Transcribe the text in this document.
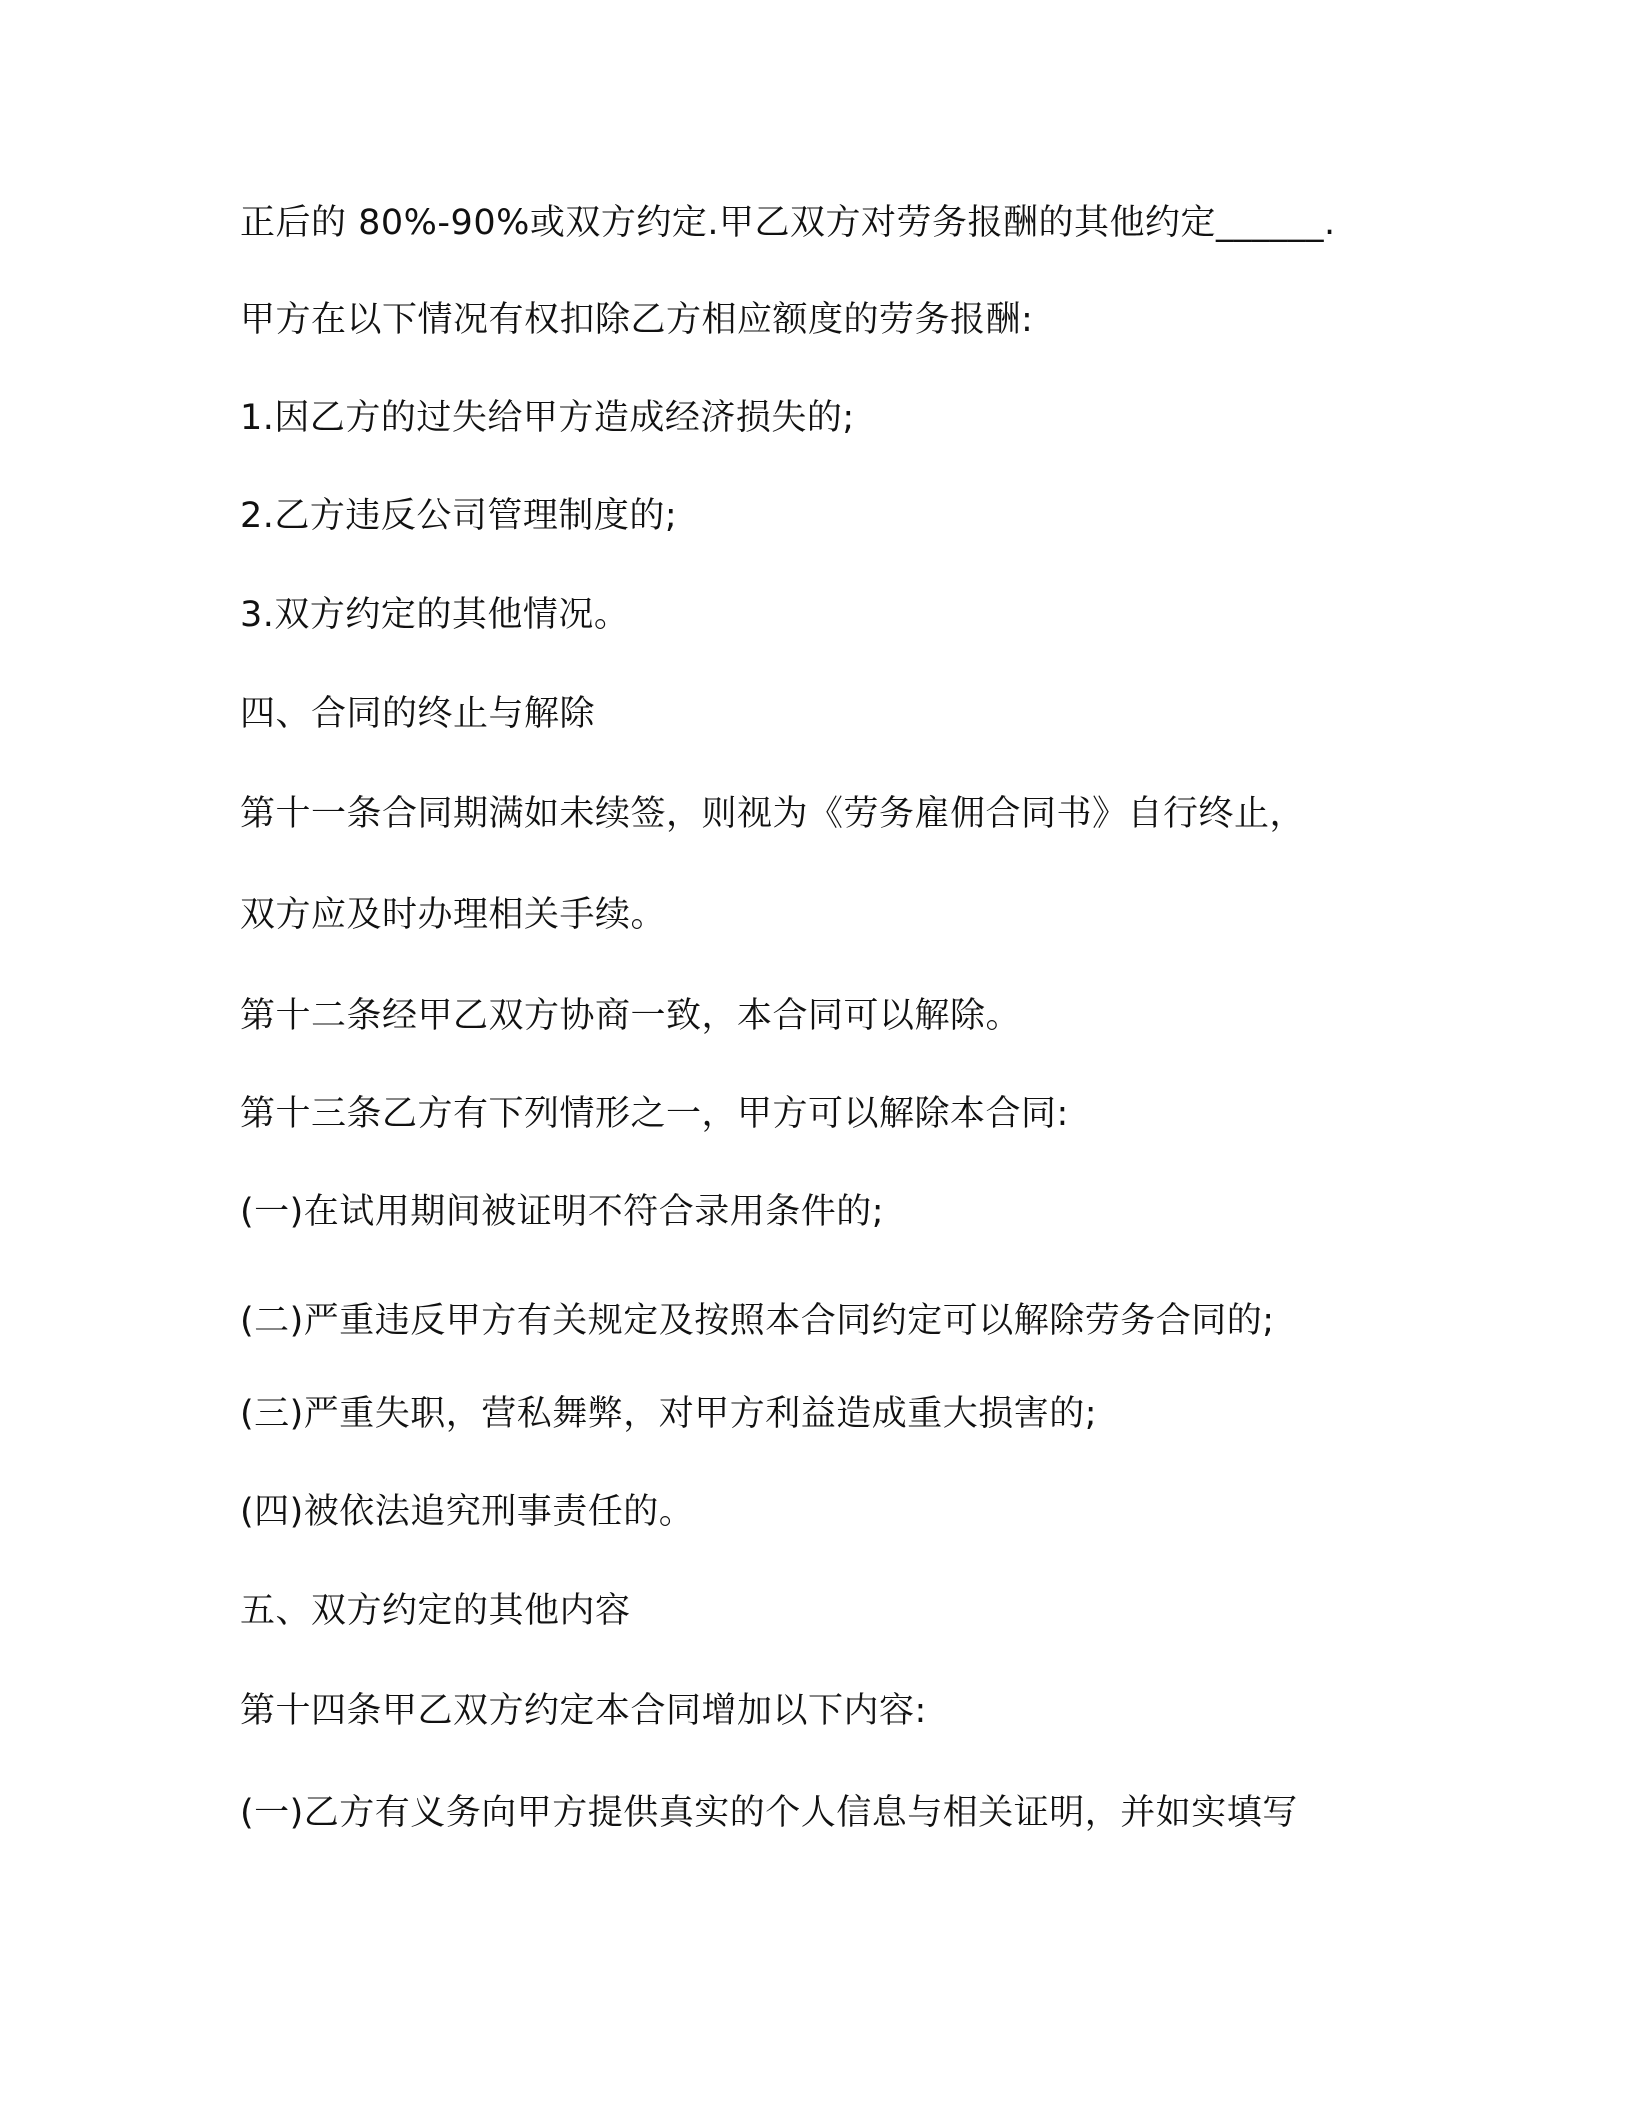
正后的 80%-90%或双方约定.甲乙双方对劳务报酬的其他约定______.
甲方在以下情况有权扣除乙方相应额度的劳务报酬:
1.因乙方的过失给甲方造成经济损失的;
2.乙方违反公司管理制度的;
3.双方约定的其他情况。
四、合同的终止与解除
第十一条合同期满如未续签，则视为《劳务雇佣合同书》自行终止，
双方应及时办理相关手续。
第十二条经甲乙双方协商一致，本合同可以解除。
第十三条乙方有下列情形之一，甲方可以解除本合同:
(一)在试用期间被证明不符合录用条件的;
(二)严重违反甲方有关规定及按照本合同约定可以解除劳务合同的;
(三)严重失职，营私舞弊，对甲方利益造成重大损害的;
(四)被依法追究刑事责任的。
五、双方约定的其他内容
第十四条甲乙双方约定本合同增加以下内容:
(一)乙方有义务向甲方提供真实的个人信息与相关证明，并如实填写
